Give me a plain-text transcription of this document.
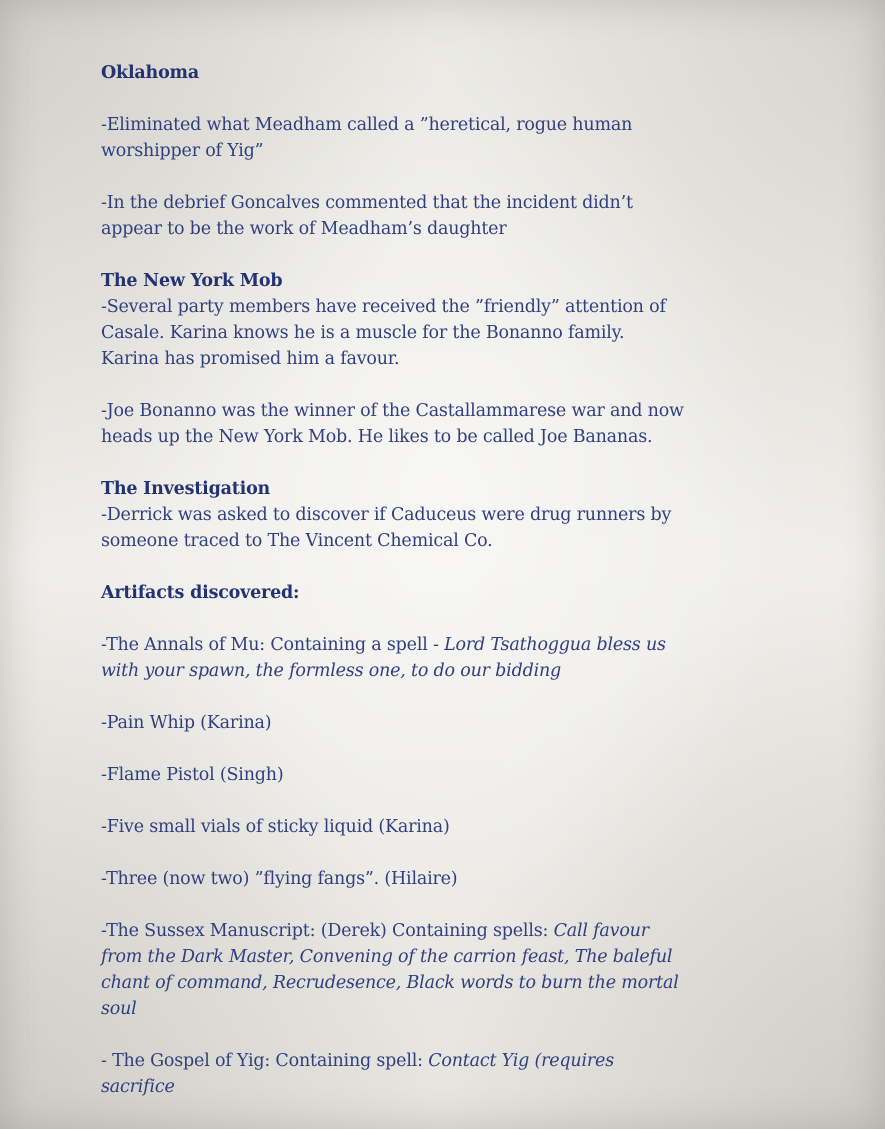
Oklahoma

-Eliminated what Meadham called a ”heretical, rogue human

worshipper of Yig”

-In the debrief Goncalves commented that the incident didn’t

appear to be the work of Meadham’s daughter

The New York Mob

-Several party members have received the ”friendly” attention of

Casale. Karina knows he is a muscle for the Bonanno family.

Karina has promised him a favour.

-Joe Bonanno was the winner of the Castallammarese war and now

heads up the New York Mob. He likes to be called Joe Bananas.

The Investigation

-Derrick was asked to discover if Caduceus were drug runners by

someone traced to The Vincent Chemical Co.

Artifacts discovered:

-The Annals of Mu: Containing a spell - Lord Tsathoggua bless us

with your spawn, the formless one, to do our bidding

-Pain Whip (Karina)

-Flame Pistol (Singh)

-Five small vials of sticky liquid (Karina)

-Three (now two) ”flying fangs”. (Hilaire)

-The Sussex Manuscript: (Derek) Containing spells: Call favour

from the Dark Master, Convening of the carrion feast, The baleful

chant of command, Recrudesence, Black words to burn the mortal

soul

- The Gospel of Yig: Containing spell: Contact Yig (requires

sacrifice
